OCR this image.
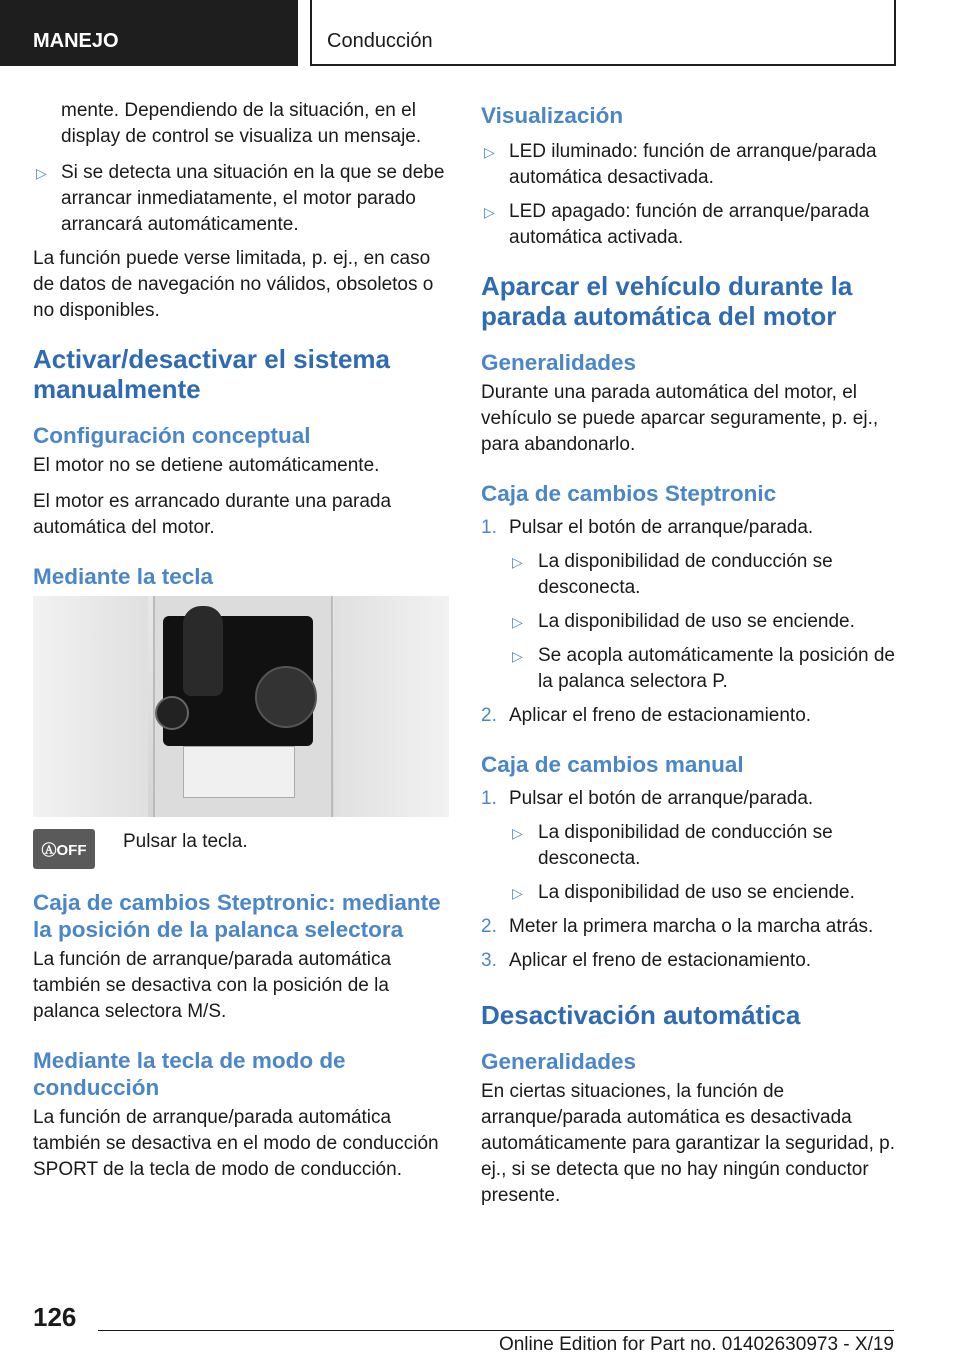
MANEJO	Conducción

mente. Dependiendo de la situación, en el display de control se visualiza un mensaje.

▷ Si se detecta una situación en la que se debe arrancar inmediatamente, el motor parado arrancará automáticamente.

La función puede verse limitada, p. ej., en caso de datos de navegación no válidos, obsoletos o no disponibles.

Activar/desactivar el sistema manualmente
Configuración conceptual

El motor no se detiene automáticamente.

El motor es arrancado durante una parada automática del motor.

Mediante la tecla
ⒶOFF	Pulsar la tecla.

Caja de cambios Steptronic: mediante la posición de la palanca selectora

La función de arranque/parada automática también se desactiva con la posición de la palanca selectora M/S.

Mediante la tecla de modo de conducción

La función de arranque/parada automática también se desactiva en el modo de conducción SPORT de la tecla de modo de conducción.

Visualización
▷ LED iluminado: función de arranque/parada automática desactivada.
▷ LED apagado: función de arranque/parada automática activada.
Aparcar el vehículo durante la parada automática del motor
Generalidades

Durante una parada automática del motor, el vehículo se puede aparcar seguramente, p. ej., para abandonarlo.

Caja de cambios Steptronic
1. Pulsar el botón de arranque/parada.
▷ La disponibilidad de conducción se desconecta.
▷ La disponibilidad de uso se enciende.
▷ Se acopla automáticamente la posición de la palanca selectora P.
2. Aplicar el freno de estacionamiento.
Caja de cambios manual
1. Pulsar el botón de arranque/parada.
▷ La disponibilidad de conducción se desconecta.
▷ La disponibilidad de uso se enciende.
2. Meter la primera marcha o la marcha atrás.
3. Aplicar el freno de estacionamiento.
Desactivación automática
Generalidades

En ciertas situaciones, la función de arranque/parada automática es desactivada automáticamente para garantizar la seguridad, p. ej., si se detecta que no hay ningún conductor presente.

126
Online Edition for Part no. 01402630973 - X/19
